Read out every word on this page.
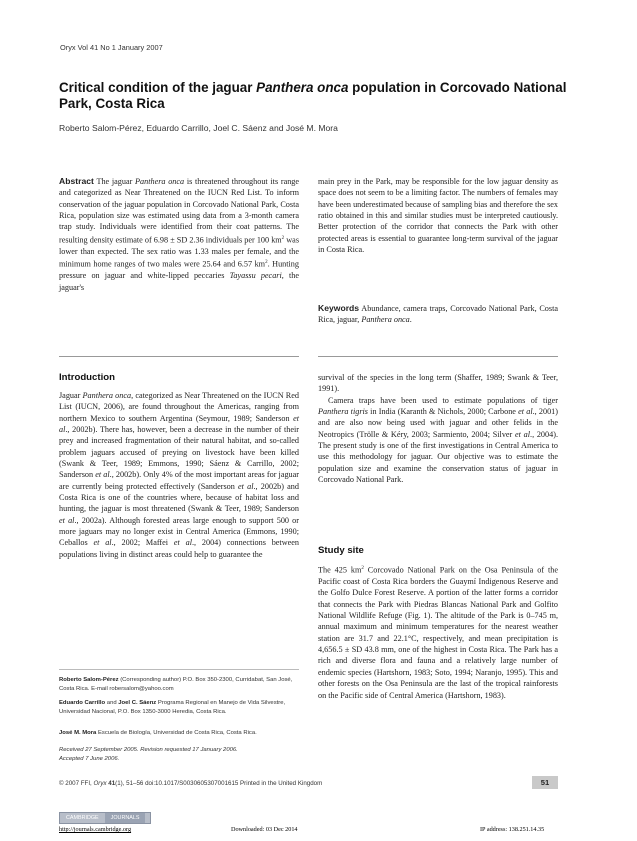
Oryx Vol 41 No 1 January 2007
Critical condition of the jaguar Panthera onca population in Corcovado National Park, Costa Rica
Roberto Salom-Pérez, Eduardo Carrillo, Joel C. Sáenz and José M. Mora
Abstract The jaguar Panthera onca is threatened throughout its range and categorized as Near Threatened on the IUCN Red List. To inform conservation of the jaguar population in Corcovado National Park, Costa Rica, population size was estimated using data from a 3-month camera trap study. Individuals were identified from their coat patterns. The resulting density estimate of 6.98 ± SD 2.36 individuals per 100 $km^2$ was lower than expected. The sex ratio was 1.33 males per female, and the minimum home ranges of two males were 25.64 and 6.57 $km^2$. Hunting pressure on jaguar and white-lipped peccaries Tayassu pecari, the jaguar's
main prey in the Park, may be responsible for the low jaguar density as space does not seem to be a limiting factor. The numbers of females may have been underestimated because of sampling bias and therefore the sex ratio obtained in this and similar studies must be interpreted cautiously. Better protection of the corridor that connects the Park with other protected areas is essential to guarantee long-term survival of the jaguar in Costa Rica.
Keywords Abundance, camera traps, Corcovado National Park, Costa Rica, jaguar, Panthera onca.
Introduction
Jaguar Panthera onca, categorized as Near Threatened on the IUCN Red List (IUCN, 2006), are found throughout the Americas, ranging from northern Mexico to southern Argentina (Seymour, 1989; Sanderson et al., 2002b). There has, however, been a decrease in the number of their prey and increased fragmentation of their natural habitat, and so-called problem jaguars accused of preying on livestock have been killed (Swank & Teer, 1989; Emmons, 1990; Sáenz & Carrillo, 2002; Sanderson et al., 2002b). Only 4% of the most important areas for jaguar are currently being protected effectively (Sanderson et al., 2002b) and Costa Rica is one of the countries where, because of habitat loss and hunting, the jaguar is most threatened (Swank & Teer, 1989; Sanderson et al., 2002a). Although forested areas large enough to support 500 or more jaguars may no longer exist in Central America (Emmons, 1990; Ceballos et al., 2002; Maffei et al., 2004) connections between populations living in distinct areas could help to guarantee the

survival of the species in the long term (Shaffer, 1989; Swank & Teer, 1991).

Camera traps have been used to estimate populations of tiger Panthera tigris in India (Karanth & Nichols, 2000; Carbone et al., 2001) and are also now being used with jaguar and other felids in the Neotropics (Trölle & Kéry, 2003; Sarmiento, 2004; Silver et al., 2004). The present study is one of the first investigations in Central America to use this methodology for jaguar. Our objective was to estimate the population size and examine the conservation status of jaguar in Corcovado National Park.

Study site
The 425 $km^2$ Corcovado National Park on the Osa Peninsula of the Pacific coast of Costa Rica borders the Guaymí Indigenous Reserve and the Golfo Dulce Forest Reserve. A portion of the latter forms a corridor that connects the Park with Piedras Blancas National Park and Golfito National Wildlife Refuge (Fig. 1). The altitude of the Park is 0–745 m, annual maximum and minimum temperatures for the nearest weather station are 31.7 and 22.1°C, respectively, and mean precipitation is 4,656.5 ± SD 43.8 mm, one of the highest in Costa Rica. The Park has a rich and diverse flora and fauna and a relatively large number of endemic species (Hartshorn, 1983; Soto, 1994; Naranjo, 1995). This and other forests on the Osa Peninsula are the last of the tropical rainforests on the Pacific side of Central America (Hartshorn, 1983).
Roberto Salom-Pérez (Corresponding author) P.O. Box 350-2300, Curridabat, San José, Costa Rica. E-mail robersalom@yahoo.com
Eduardo Carrillo and Joel C. Sáenz Programa Regional en Manejo de Vida Silvestre, Universidad Nacional, P.O. Box 1350-3000 Heredia, Costa Rica.
José M. Mora Escuela de Biología, Universidad de Costa Rica, Costa Rica.
Received 27 September 2005. Revision requested 17 January 2006.
Accepted 7 June 2006.
© 2007 FFI, Oryx 41(1), 51–56 doi:10.1017/S0030605307001615 Printed in the United Kingdom	51
CAMBRIDGE JOURNALS
http://journals.cambridge.org	Downloaded: 03 Dec 2014	IP address: 138.251.14.35
